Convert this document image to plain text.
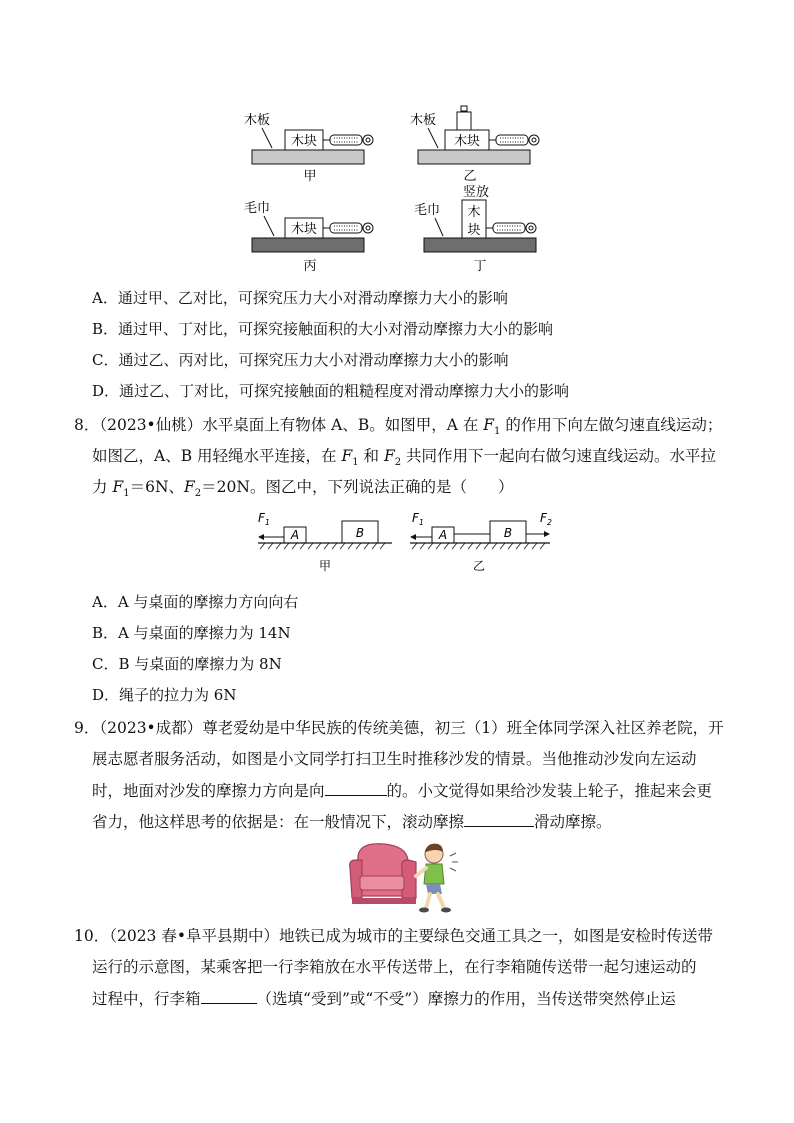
木板
木块
甲
木板
木块
乙
毛巾
木块
丙
竖放
毛巾 木
块
丁
A．通过甲、乙对比，可探究压力大小对滑动摩擦力大小的影响
B．通过甲、丁对比，可探究接触面积的大小对滑动摩擦力大小的影响
C．通过乙、丙对比，可探究压力大小对滑动摩擦力大小的影响
D．通过乙、丁对比，可探究接触面的粗糙程度对滑动摩擦力大小的影响
8．（2023•仙桃）水平桌面上有物体 A、B。如图甲，A 在 $F_1$ 的作用下向左做匀速直线运动；
如图乙，A、B 用轻绳水平连接，在 $F_1$ 和 $F_2$ 共同作用下一起向右做匀速直线运动。水平拉
力 $F_1=6N$、$F_2=20N$。图乙中，下列说法正确的是（　　）
$F_1$
A	B
甲
$F_1$
A	B
$F_2$
乙
A．A 与桌面的摩擦力方向向右
B．A 与桌面的摩擦力为 14N
C．B 与桌面的摩擦力为 8N
D．绳子的拉力为 6N
9．（2023•成都）尊老爱幼是中华民族的传统美德，初三（1）班全体同学深入社区养老院，开
展志愿者服务活动，如图是小文同学打扫卫生时推移沙发的情景。当他推动沙发向左运动
时，地面对沙发的摩擦力方向是向	的。小文觉得如果给沙发装上轮子，推起来会更
省力，他这样思考的依据是：在一般情况下，滚动摩擦	滑动摩擦。
10．（2023 春•阜平县期中）地铁已成为城市的主要绿色交通工具之一，如图是安检时传送带
运行的示意图，某乘客把一行李箱放在水平传送带上，在行李箱随传送带一起匀速运动的
过程中，行李箱	（选填“受到”或“不受”）摩擦力的作用，当传送带突然停止运
